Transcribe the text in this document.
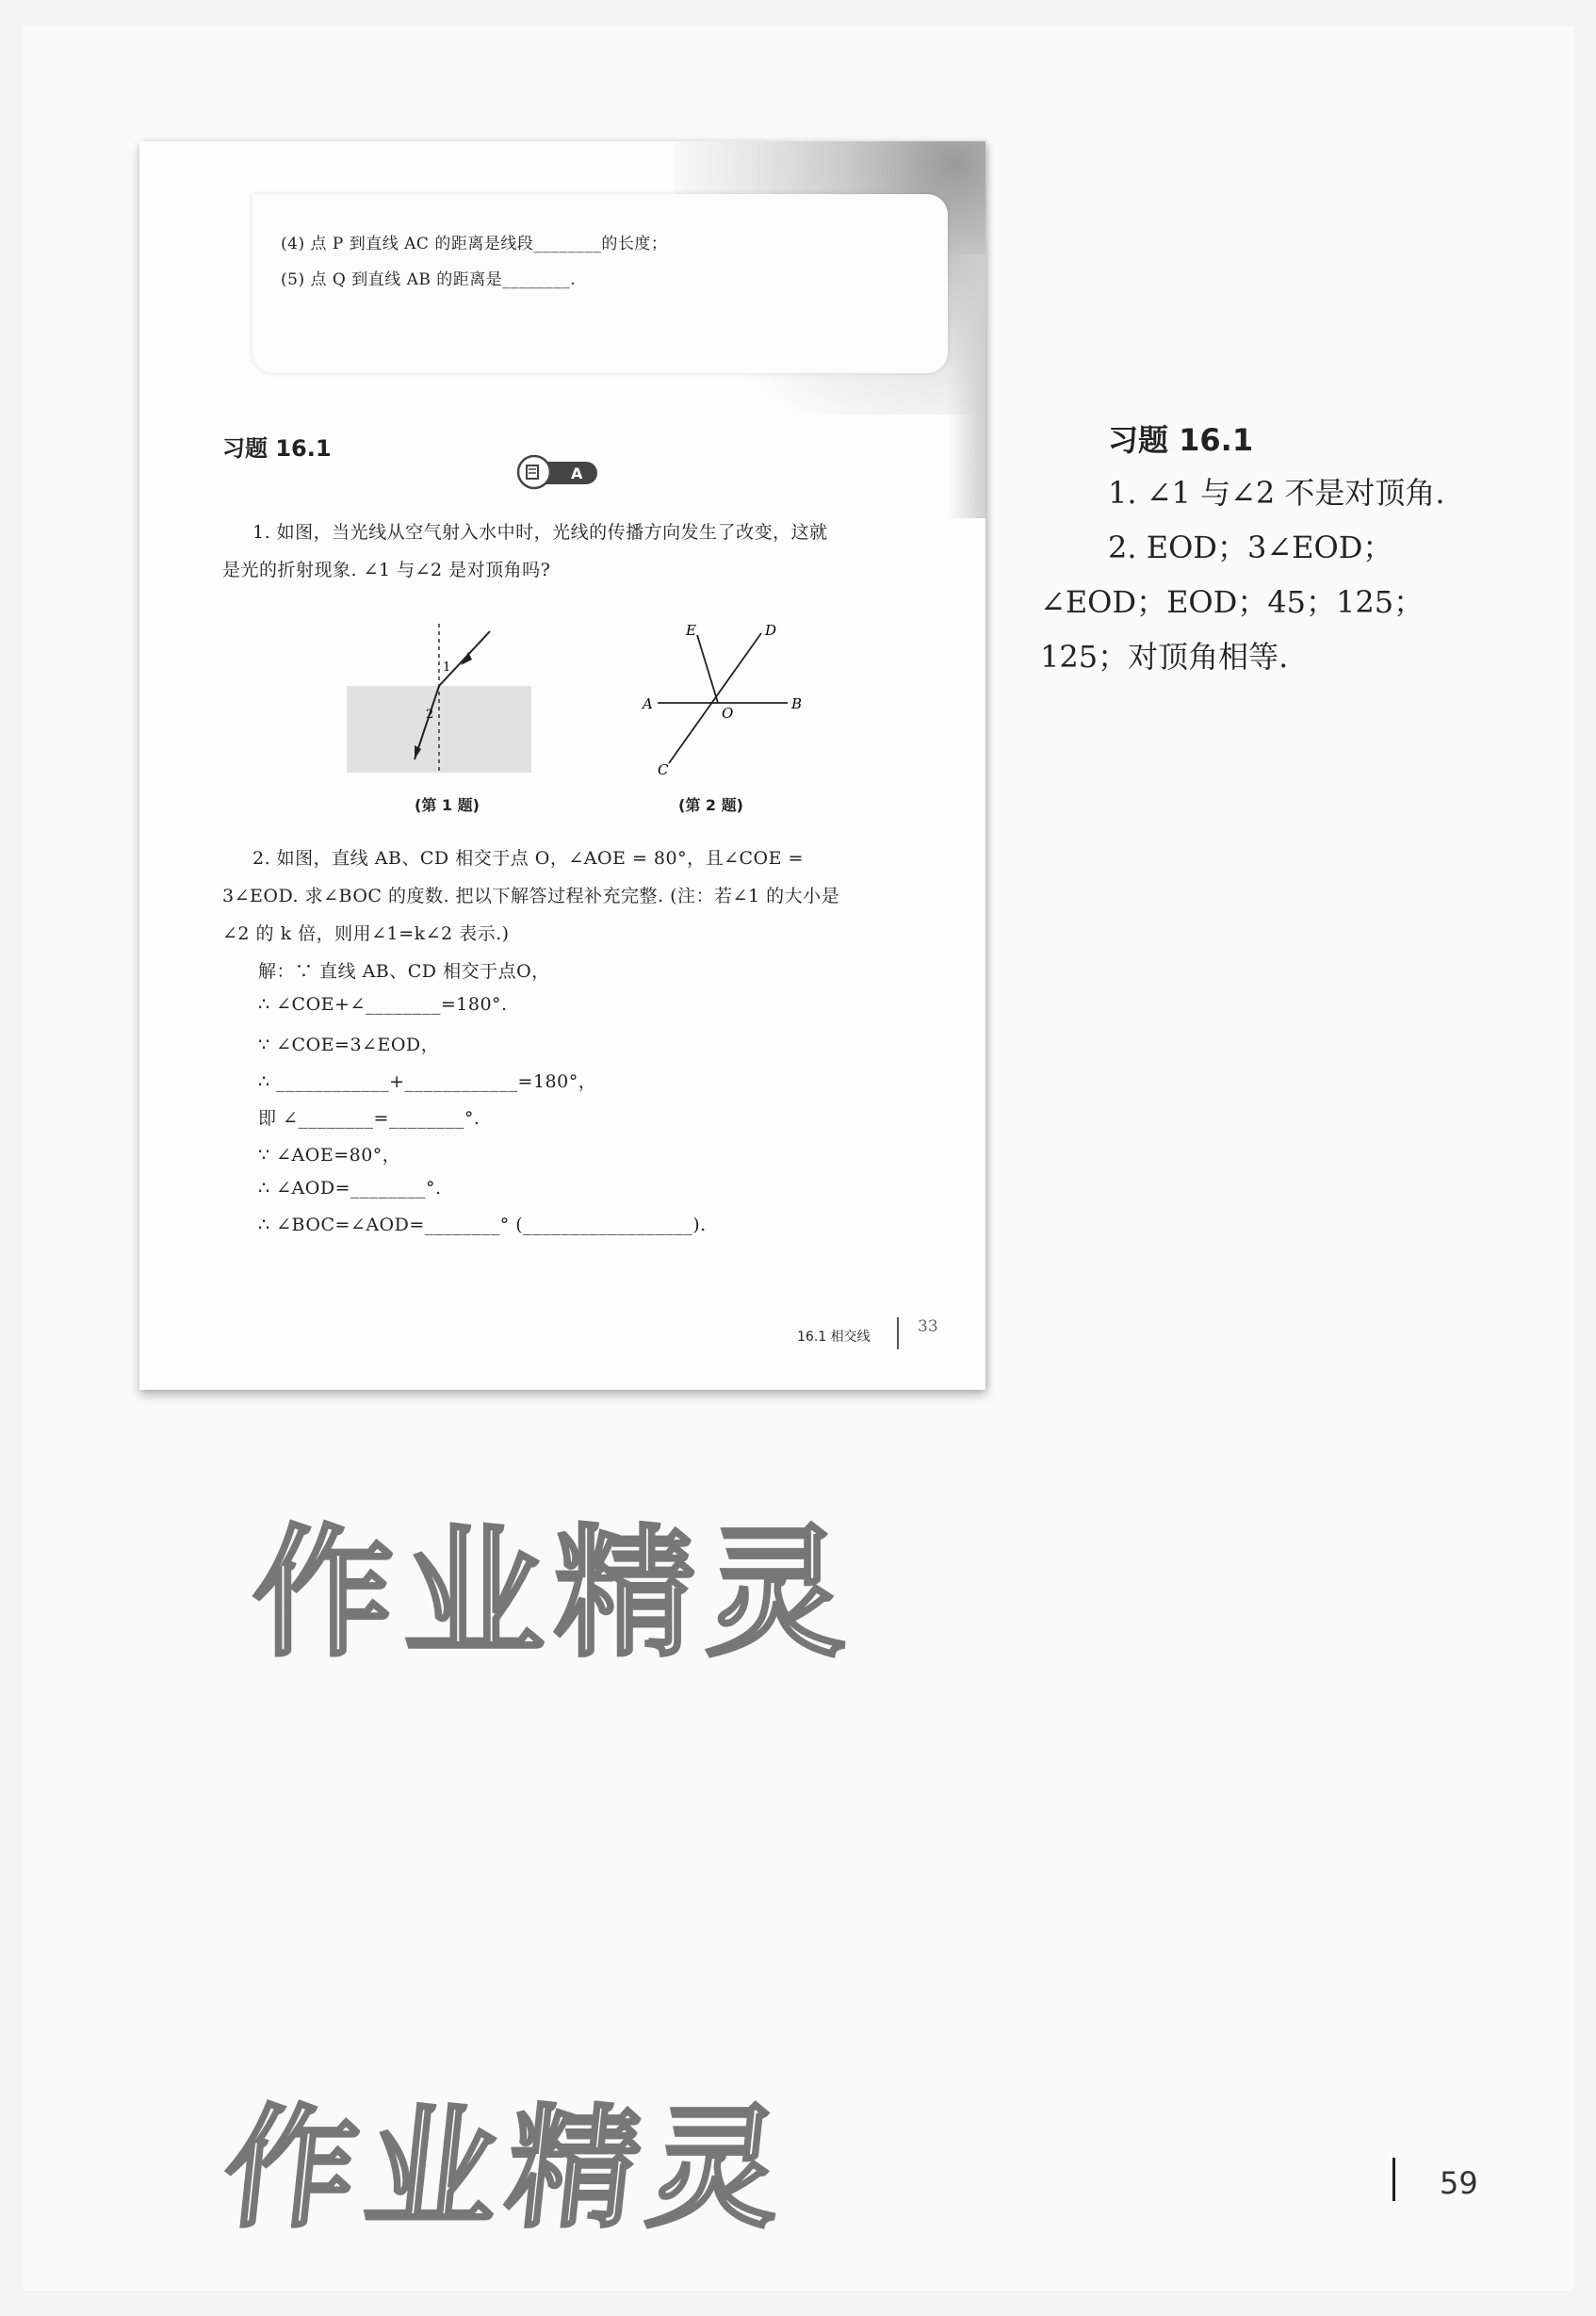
(4) 点 P 到直线 AC 的距离是线段________的长度；
(5) 点 Q 到直线 AB 的距离是________.
习题 16.1
A
1. 如图，当光线从空气射入水中时，光线的传播方向发生了改变，这就
是光的折射现象. ∠1 与∠2 是对顶角吗?
1
2
(第 1 题)
E	D
A
O
B
C
(第 2 题)
2. 如图，直线 AB、CD 相交于点 O，∠AOE = 80°，且∠COE =
3∠EOD. 求∠BOC 的度数. 把以下解答过程补充完整. (注：若∠1 的大小是
∠2 的 k 倍，则用∠1=k∠2 表示.)
解：∵ 直线 AB、CD 相交于点O，
∴ ∠COE+∠________=180°.
∵ ∠COE=3∠EOD，
∴ ____________+____________=180°，
即 ∠________=________°.
∵ ∠AOE=80°，
∴ ∠AOD=________°.
∴ ∠BOC=∠AOD=________° (__________________).
16.1 相交线
33
习题 16.1
1. ∠1 与∠2 不是对顶角.
2. EOD；3∠EOD；
∠EOD；EOD；45；125；
125；对顶角相等.
作业精灵
作业精灵	59
